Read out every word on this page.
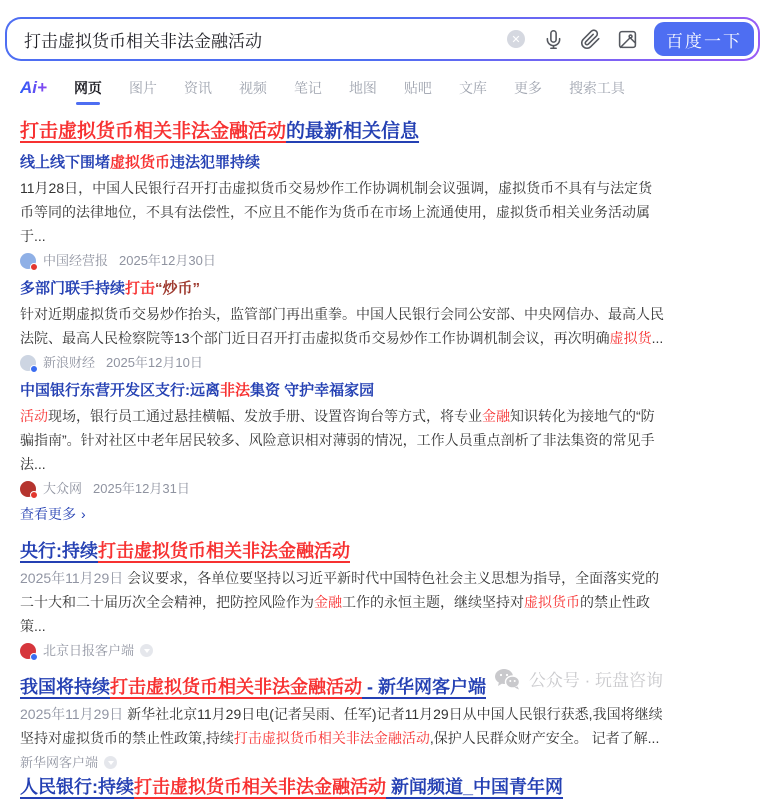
打击虚拟货币相关非法金融活动
✕	百度一下
Ai+ 网页 图片 资讯 视频 笔记 地图 贴吧 文库 更多 搜索工具
打击虚拟货币相关非法金融活动的最新相关信息
线上线下围堵虚拟货币违法犯罪持续
11月28日，中国人民银行召开打击虚拟货币交易炒作工作协调机制会议强调，虚拟货币不具有与法定货币等同的法律地位，不具有法偿性，不应且不能作为货币在市场上流通使用，虚拟货币相关业务活动属于...
中国经营报 2025年12月30日
多部门联手持续打击“炒币”
针对近期虚拟货币交易炒作抬头，监管部门再出重拳。中国人民银行会同公安部、中央网信办、最高人民法院、最高人民检察院等13个部门近日召开打击虚拟货币交易炒作工作协调机制会议，再次明确虚拟货...
新浪财经 2025年12月10日
中国银行东营开发区支行:远离非法集资 守护幸福家园
活动现场，银行员工通过悬挂横幅、发放手册、设置咨询台等方式，将专业金融知识转化为接地气的“防骗指南”。针对社区中老年居民较多、风险意识相对薄弱的情况，工作人员重点剖析了非法集资的常见手法...
大众网 2025年12月31日
查看更多 ›
央行:持续打击虚拟货币相关非法金融活动
2025年11月29日 会议要求，各单位要坚持以习近平新时代中国特色社会主义思想为指导，全面落实党的二十大和二十届历次全会精神，把防控风险作为金融工作的永恒主题，继续坚持对虚拟货币的禁止性政策...
北京日报客户端
我国将持续打击虚拟货币相关非法金融活动 - 新华网客户端
2025年11月29日 新华社北京11月29日电(记者吴雨、任军)记者11月29日从中国人民银行获悉,我国将继续坚持对虚拟货币的禁止性政策,持续打击虚拟货币相关非法金融活动,保护人民群众财产安全。 记者了解...
新华网客户端
人民银行:持续打击虚拟货币相关非法金融活动 新闻频道_中国青年网
公众号 · 玩盘咨询
